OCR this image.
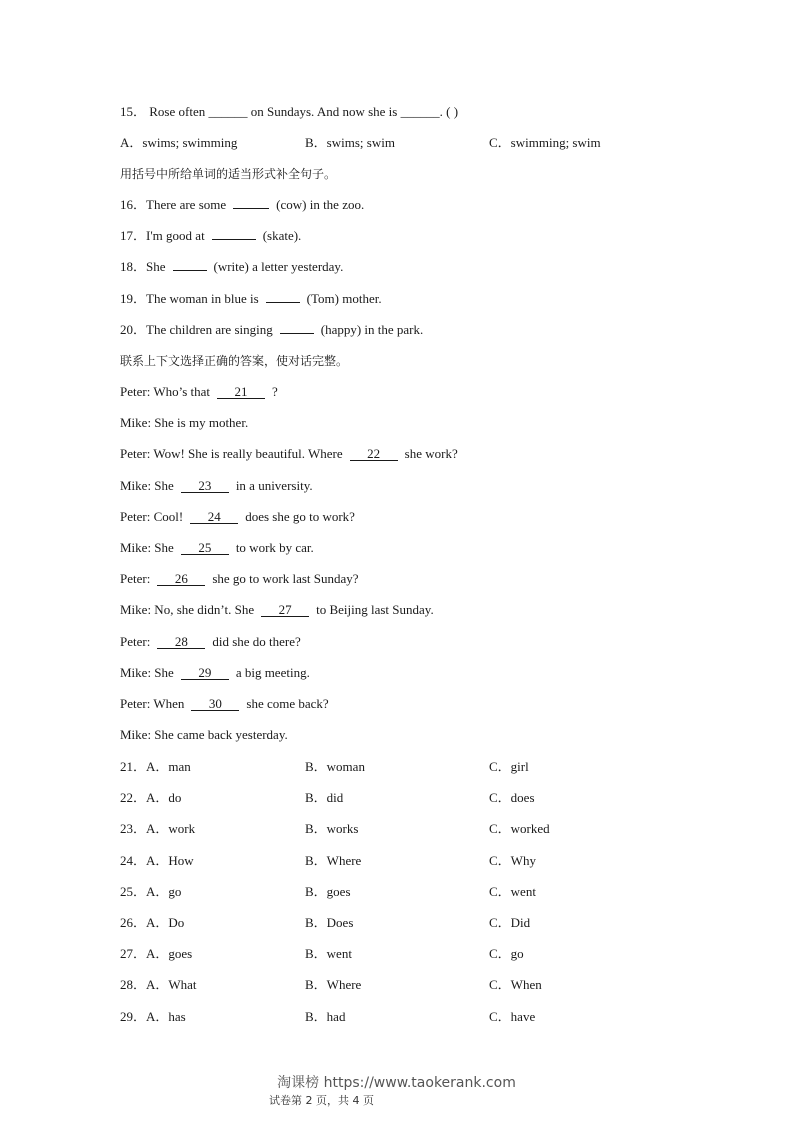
15． Rose often ______ on Sundays. And now she is ______. ( )
A．swims; swimming	B．swims; swim	C．swimming; swim
用括号中所给单词的适当形式补全句子。
16．There are some	(cow) in the zoo.
17．I'm good at	(skate).
18．She	(write) a letter yesterday.
19．The woman in blue is	(Tom) mother.
20．The children are singing	(happy) in the park.
联系上下文选择正确的答案，使对话完整。
Peter: Who’s that 21 ?
Mike: She is my mother.
Peter: Wow! She is really beautiful. Where 22 she work?
Mike: She 23 in a university.
Peter: Cool! 24 does she go to work?
Mike: She 25 to work by car.
Peter: 26 she go to work last Sunday?
Mike: No, she didn’t. She 27 to Beijing last Sunday.
Peter: 28 did she do there?
Mike: She 29 a big meeting.
Peter: When 30 she come back?
Mike: She came back yesterday.
21．A．man	B．woman	C．girl
22．A．do	B．did	C．does
23．A．work	B．works	C．worked
24．A．How	B．Where	C．Why
25．A．go	B．goes	C．went
26．A．Do	B．Does	C．Did
27．A．goes	B．went	C．go
28．A．What	B．Where	C．When
29．A．has	B．had	C．have
淘课榜 https://www.taokerank.com
试卷第 2 页，共 4 页
